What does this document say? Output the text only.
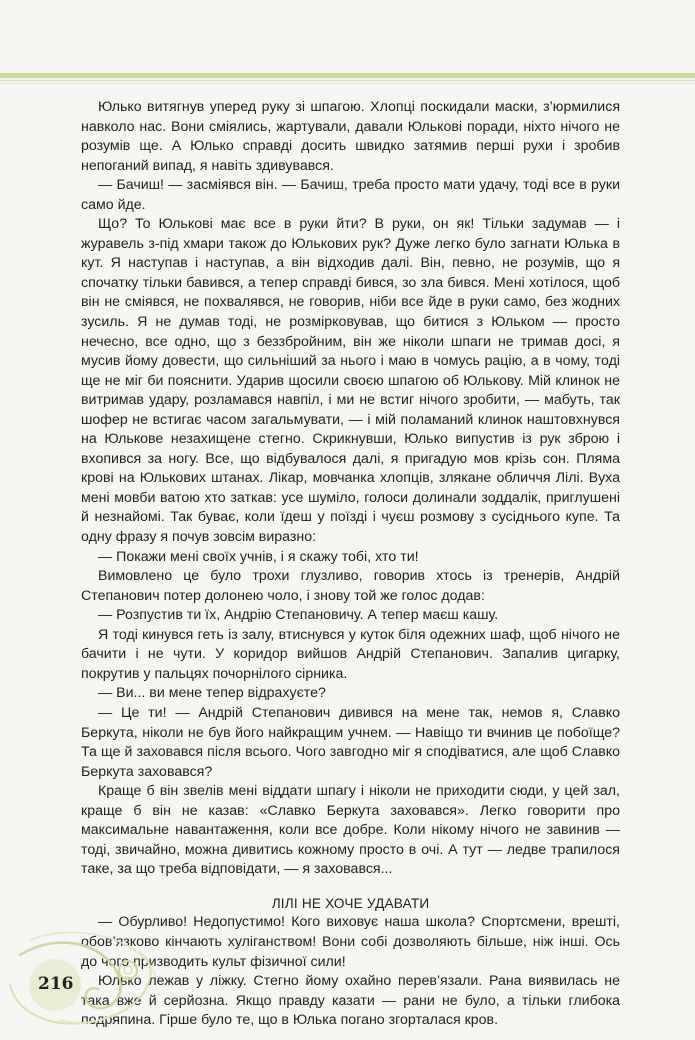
Юлько витягнув уперед руку зі шпагою. Хлопці поскидали маски, з’юрмилися навколо нас. Вони сміялись, жартували, давали Юлькові поради, ніхто нічого не розумів ще. А Юлько справді досить швидко затямив перші рухи і зробив непоганий випад, я навіть здивувався.

— Бачиш! — засміявся він. — Бачиш, треба просто мати удачу, тоді все в руки само йде.

Що? То Юлькові має все в руки йти? В руки, он як! Тільки задумав — і журавель з-під хмари також до Юлькових рук? Дуже легко було загнати Юлька в кут. Я наступав і наступав, а він відходив далі. Він, певно, не розумів, що я спочатку тільки бавився, а тепер справді бився, зо зла бився. Мені хотілося, щоб він не сміявся, не похвалявся, не говорив, ніби все йде в руки само, без жодних зусиль. Я не думав тоді, не розмірковував, що битися з Юльком — просто нечесно, все одно, що з беззбройним, він же ніколи шпаги не тримав досі, я мусив йому довести, що сильніший за нього і маю в чомусь рацію, а в чому, тоді ще не міг би пояснити. Ударив щосили своєю шпагою об Юлькову. Мій клинок не витримав удару, розламався навпіл, і ми не встиг нічого зробити, — мабуть, так шофер не встигає часом загальмувати, — і мій поламаний клинок наштовхнувся на Юлькове незахищене стегно. Скрикнувши, Юлько випустив із рук зброю і вхопився за ногу. Все, що відбувалося далі, я пригадую мов крізь сон. Пляма крові на Юлькових штанах. Лікар, мовчанка хлопців, злякане обличчя Лілі. Вуха мені мовби ватою хто заткав: усе шуміло, голоси долинали зоддалік, приглушені й незнайомі. Так буває, коли їдеш у поїзді і чуєш розмову з сусіднього купе. Та одну фразу я почув зовсім виразно:

— Покажи мені своїх учнів, і я скажу тобі, хто ти!

Вимовлено це було трохи глузливо, говорив хтось із тренерів, Андрій Степанович потер долонею чоло, і знову той же голос додав:

— Розпустив ти їх, Андрію Степановичу. А тепер маєш кашу.

Я тоді кинувся геть із залу, втиснувся у куток біля одежних шаф, щоб нічого не бачити і не чути. У коридор вийшов Андрій Степанович. Запалив цигарку, покрутив у пальцях почорнілого сірника.

— Ви... ви мене тепер відрахуєте?

— Це ти! — Андрій Степанович дивився на мене так, немов я, Славко Беркута, ніколи не був його найкращим учнем. — Навіщо ти вчинив це побоїще? Та ще й заховався після всього. Чого завгодно міг я сподіватися, але щоб Славко Беркута заховався?

Краще б він звелів мені віддати шпагу і ніколи не приходити сюди, у цей зал, краще б він не казав: «Славко Беркута заховався». Легко говорити про максимальне навантаження, коли все добре. Коли нікому нічого не завинив — тоді, звичайно, можна дивитись кожному просто в очі. А тут — ледве трапилося таке, за що треба відповідати, — я заховався...

ЛІЛІ НЕ ХОЧЕ УДАВАТИ

— Обурливо! Недопустимо! Кого виховує наша школа? Спортсмени, врешті, обов’язково кінчають хуліганством! Вони собі дозволяють більше, ніж інші. Ось до чого призводить культ фізичної сили!

Юлько лежав у ліжку. Стегно йому охайно перев’язали. Рана виявилась не така вже й серйозна. Якщо правду казати — рани не було, а тільки глибока подряпина. Гірше було те, що в Юлька погано згорталася кров.

216
